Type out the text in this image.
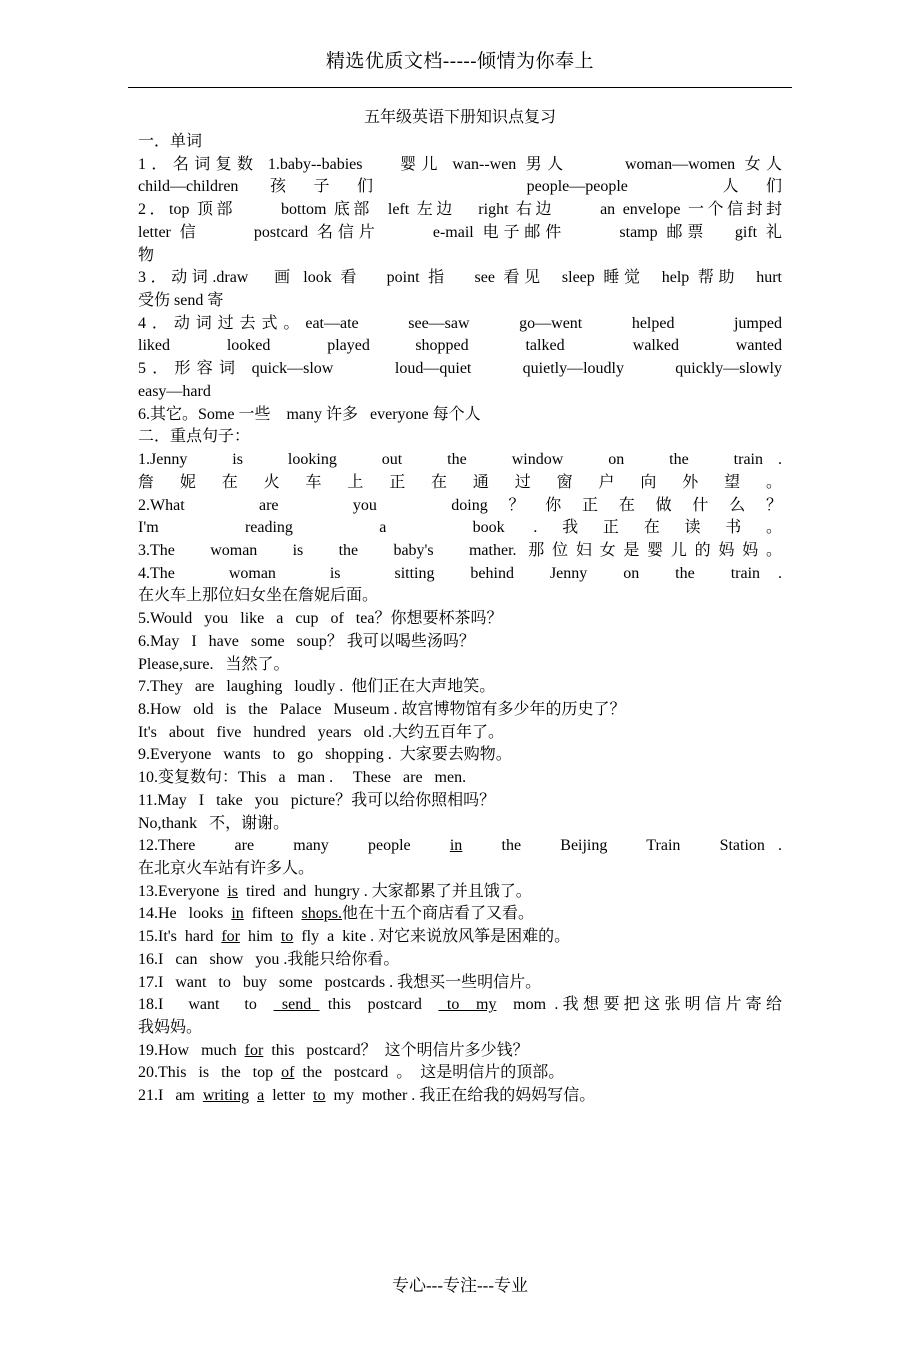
精选优质文档-----倾情为你奉上
五年级英语下册知识点复习

一．单词

1．名词复数 1.baby--babies    婴儿 wan--wen 男人      woman—women 女人

child—children 孩子们    people—people   人们

2．top 顶部      bottom 底部  left 左边   right 右边      an envelope 一个信封封

letter 信      postcard 名信片      e-mail 电子邮件      stamp 邮票   gift 礼

物

3．动词.draw   画 look 看   point 指   see 看见  sleep 睡觉  help 帮助  hurt

受伤 send 寄

4．动词过去式。eat—ate     see—saw     go—went     helped      jumped

liked     looked     played    shopped     talked      walked     wanted

5．形容词 quick—slow      loud—quiet     quietly—loudly     quickly—slowly

easy—hard

6.其它。Some 一些    many 许多   everyone 每个人

二．重点句子：

1.Jenny   is   looking   out   the   window   on   the   train .

詹妮在火车上正在通过窗户向外望。

2.What   are   you   doing？你正在做什么？

I'm   reading   a   book .我正在读书。

3.The   woman   is   the   baby's   mather. 那位妇女是婴儿的妈妈。

4.The   woman   is   sitting  behind  Jenny  on  the  train .

在火车上那位妇女坐在詹妮后面。

5.Would   you   like   a   cup   of   tea？你想要杯茶吗？

6.May   I   have   some   soup？ 我可以喝些汤吗？

Please,sure.   当然了。

7.They   are   laughing   loudly .  他们正在大声地笑。

8.How   old   is   the   Palace   Museum . 故宫博物馆有多少年的历史了？

It's   about   five   hundred   years   old .大约五百年了。

9.Everyone   wants   to   go   shopping .  大家要去购物。

10.变复数句：This   a   man .     These   are   men.

11.May   I   take   you   picture？我可以给你照相吗？

No,thank   不，谢谢。

12.There   are   many   people   in   the   Beijing   Train   Station .

在北京火车站有许多人。

13.Everyone  is  tired  and  hungry . 大家都累了并且饿了。

14.He   looks  in  fifteen  shops.他在十五个商店看了又看。

15.It's  hard  for  him  to  fly  a  kite . 对它来说放风筝是困难的。

16.I   can   show   you .我能只给你看。

17.I   want   to   buy   some   postcards . 我想买一些明信片。

18.I   want   to   send  this  postcard   to  my  mom .我想要把这张明信片寄给

我妈妈。

19.How   much  for  this   postcard？  这个明信片多少钱？

20.This   is   the   top  of  the   postcard  。  这是明信片的顶部。

21.I   am  writing a  letter  to  my  mother . 我正在给我的妈妈写信。

专心---专注---专业
